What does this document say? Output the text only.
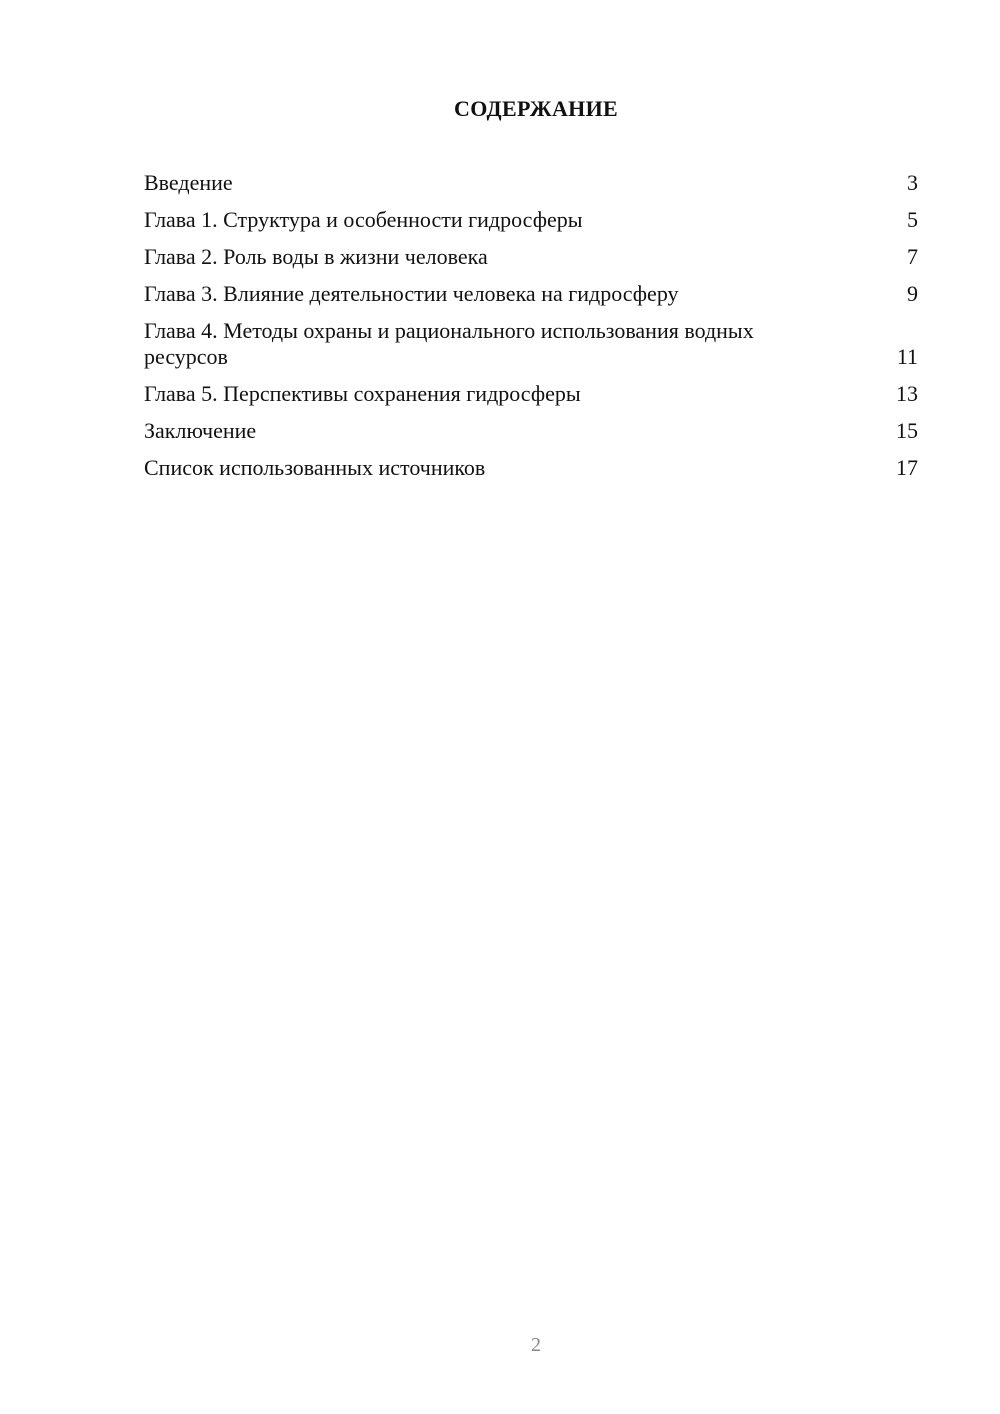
СОДЕРЖАНИЕ
Введение	3
Глава 1. Структура и особенности гидросферы	5
Глава 2. Роль воды в жизни человека	7
Глава 3. Влияние деятельностии человека на гидросферу	9
Глава 4. Методы охраны и рационального использования водных ресурсов	11
Глава 5. Перспективы сохранения гидросферы	13
Заключение	15
Список использованных источников	17
2
